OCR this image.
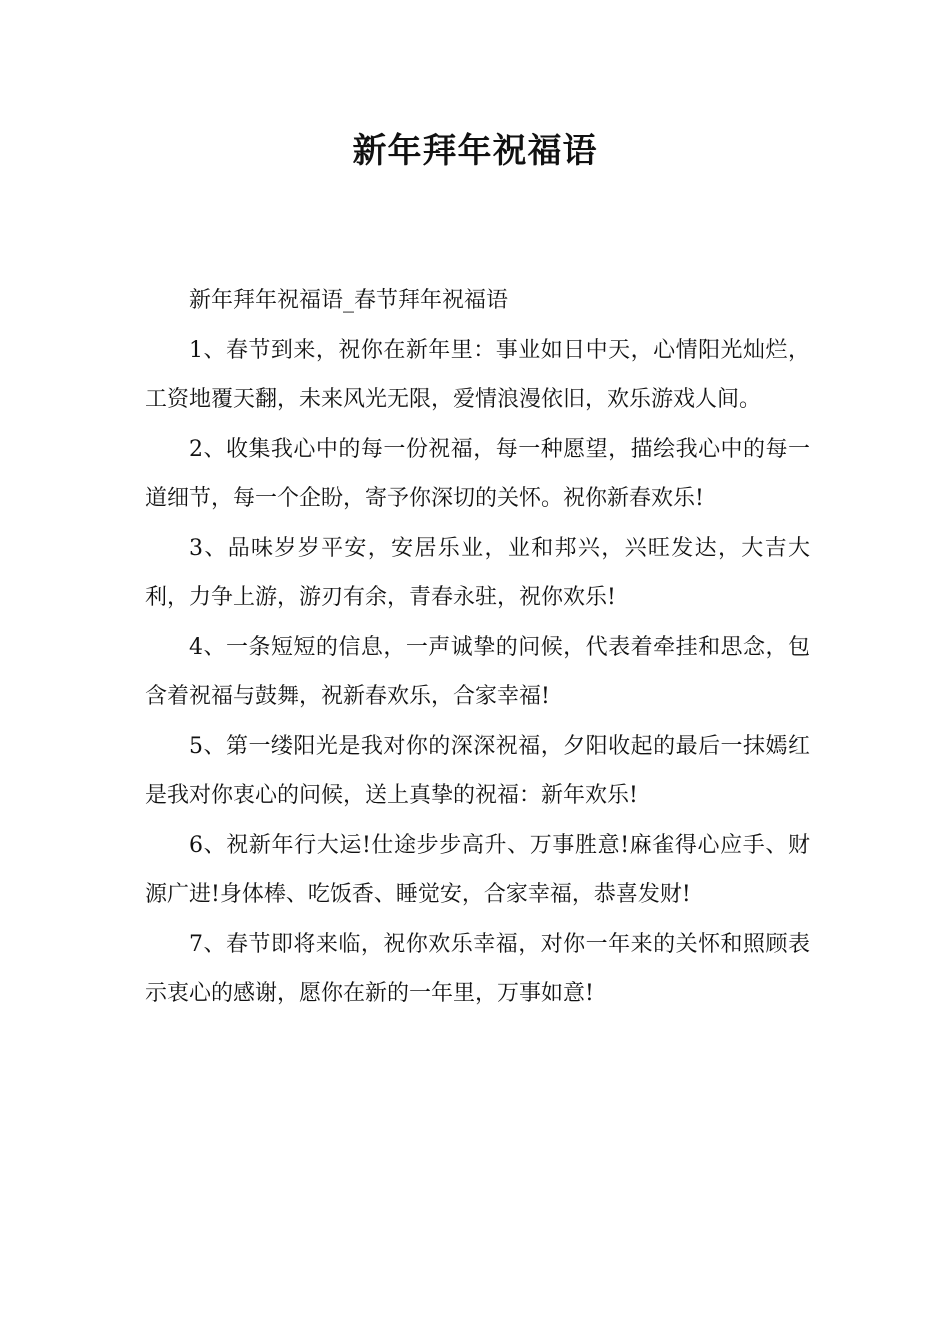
新年拜年祝福语

新年拜年祝福语_春节拜年祝福语

1、春节到来，祝你在新年里：事业如日中天，心情阳光灿烂，工资地覆天翻，未来风光无限，爱情浪漫依旧，欢乐游戏人间。

2、收集我心中的每一份祝福，每一种愿望，描绘我心中的每一道细节，每一个企盼，寄予你深切的关怀。祝你新春欢乐!

3、品味岁岁平安，安居乐业，业和邦兴，兴旺发达，大吉大利，力争上游，游刃有余，青春永驻，祝你欢乐!

4、一条短短的信息，一声诚挚的问候，代表着牵挂和思念，包含着祝福与鼓舞，祝新春欢乐，合家幸福!

5、第一缕阳光是我对你的深深祝福，夕阳收起的最后一抹嫣红是我对你衷心的问候，送上真挚的祝福：新年欢乐!

6、祝新年行大运!仕途步步高升、万事胜意!麻雀得心应手、财源广进!身体棒、吃饭香、睡觉安，合家幸福，恭喜发财!

7、春节即将来临，祝你欢乐幸福，对你一年来的关怀和照顾表示衷心的感谢，愿你在新的一年里，万事如意!
